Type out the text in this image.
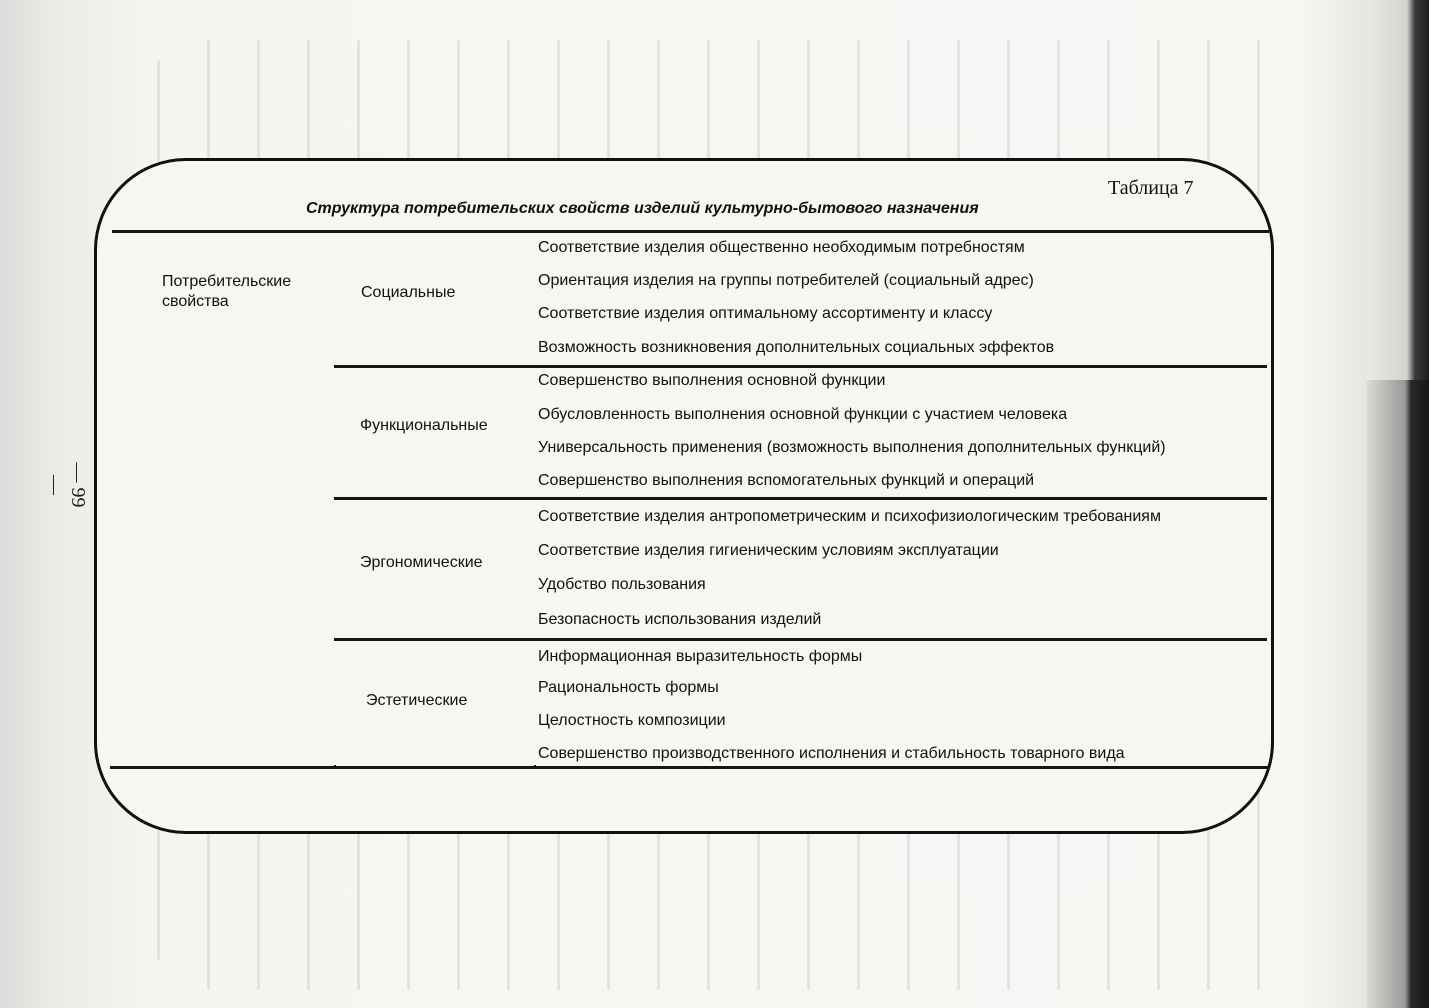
— 99 —
Таблица 7
Структура потребительских свойств изделий культурно-бытового назначения
Потребительские свойства
Социальные
Функциональные
Эргономические
Эстетические
Соответствие изделия общественно необходимым потребностям
Ориентация изделия на группы потребителей (социальный адрес)
Соответствие изделия оптимальному ассортименту и классу
Возможность возникновения дополнительных социальных эффектов
Совершенство выполнения основной функции
Обусловленность выполнения основной функции с участием человека
Универсальность применения (возможность выполнения дополнительных функций)
Совершенство выполнения вспомогательных функций и операций
Соответствие изделия антропометрическим и психофизиологическим требованиям
Соответствие изделия гигиеническим условиям эксплуатации
Удобство пользования
Безопасность использования изделий
Информационная выразительность формы
Рациональность формы
Целостность композиции
Совершенство производственного исполнения и стабильность товарного вида
